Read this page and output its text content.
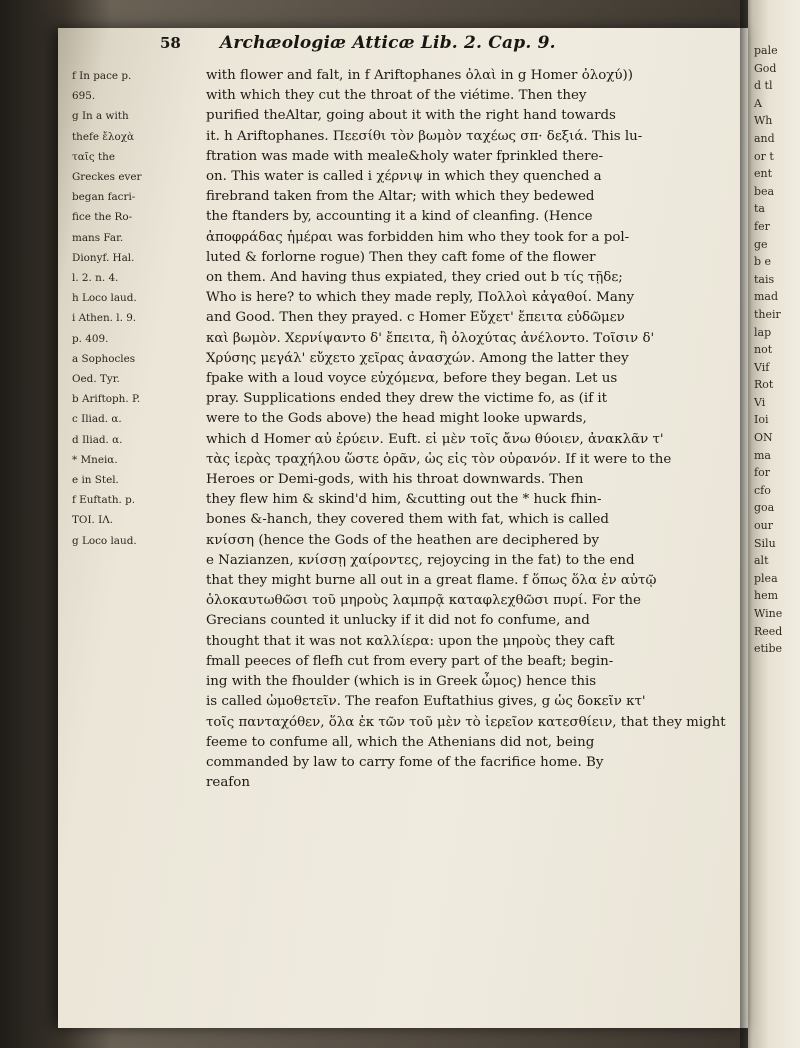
58 Archæologiæ Atticæ Lib. 2. Cap. 9.
f In pace p.
695.
g In a with
thefe ἔλοχὰ
ταῖς the
Greckes ever
began facri-
fice the Ro-
mans Far.
Dionyf. Hal.
l. 2. n. 4.
h Loco laud.
i Athen. l. 9.
p. 409.
a Sophocles
Oed. Tyr.
b Ariftoph. P.
c Iliad. α.
d Iliad. α.
* Mneiα.
e in Stel.
f Euftath. p.
ΤΟΙ. ΙΛ.
g Loco laud.
with flower and falt, in f Ariftophanes ὀλαὶ in g Homer ὀλοχύ))
with which they cut the throat of the viétime. Then they
purified theAltar, going about it with the right hand towards
it. h Ariftophanes. Πεεσίθι τὸν βωμὸν ταχέως σπ· δεξιά. This lu-
ftration was made with meale&holy water fprinkled there-
on. This water is called i χέρνιψ in which they quenched a
firebrand taken from the Altar; with which they bedewed
the ftanders by, accounting it a kind of cleanfing. (Hence
ἀποφράδας ἡμέραι was forbidden him who they took for a pol-
luted & forlorne rogue) Then they caft fome of the flower
on them. And having thus expiated, they cried out b τίς τῇδε;
Who is here? to which they made reply, Πολλοὶ κἀγαθοί. Many
and Good. Then they prayed. c Homer Εὔχετ' ἔπειτα εὐδῶμεν
καὶ βωμὸν. Χερνίψαντο δ' ἔπειτα, ἢ ὀλοχύτας ἀνέλοντο. Τοῖσιν δ'
Χρύσης μεγάλ' εὔχετο χεῖρας ἀνασχών. Among the latter they
fpake with a loud voyce εὐχόμενα, before they began. Let us
pray. Supplications ended they drew the victime fo, as (if it
were to the Gods above) the head might looke upwards,
which d Homer αὐ ἐρύειν. Euft. εἰ μὲν τοῖς ἄνω θύοιεν, ἀνακλᾶν τ'
τὰς ἱερὰς τραχήλου ὥστε ὁρᾶν, ὡς εἰς τὸν οὐρανόν. If it were to the
Heroes or Demi-gods, with his throat downwards. Then
they flew him & skind'd him, &cutting out the * huck fhin-
bones &-hanch, they covered them with fat, which is called
κνίσση (hence the Gods of the heathen are deciphered by
e Nazianzen, κνίσσῃ χαίροντες, rejoycing in the fat) to the end
that they might burne all out in a great flame. f ὅπως ὅλα ἐν αὐτῷ
ὁλοκαυτωθῶσι τοῦ μηροὺς λαμπρᾷ καταφλεχθῶσι πυρί. For the
Grecians counted it unlucky if it did not fo confume, and
thought that it was not καλλίερα: upon the μηροὺς they caft
fmall peeces of flefh cut from every part of the beaft; begin-
ing with the fhoulder (which is in Greek ὦμος) hence this
is called ὠμοθετεῖν. The reafon Euftathius gives, g ὡς δοκεῖν κτ'
τοῖς πανταχόθεν, ὅλα ἐκ τῶν τοῦ μὲν τὸ ἱερεῖον κατεσθίειν, that they might
feeme to confume all, which the Athenians did not, being
commanded by law to carry fome of the facrifice home. By
reafon
pale
God
d tl
A
Wh
and
or t
ent
bea
ta
fer
ge
b e
tais
mad
their
lap
not
Vif
Rot
Vi
Ioi
ON
ma
for
cfo
goa
our
Silu
alt
plea
hem
Wine
Reed
etibe
